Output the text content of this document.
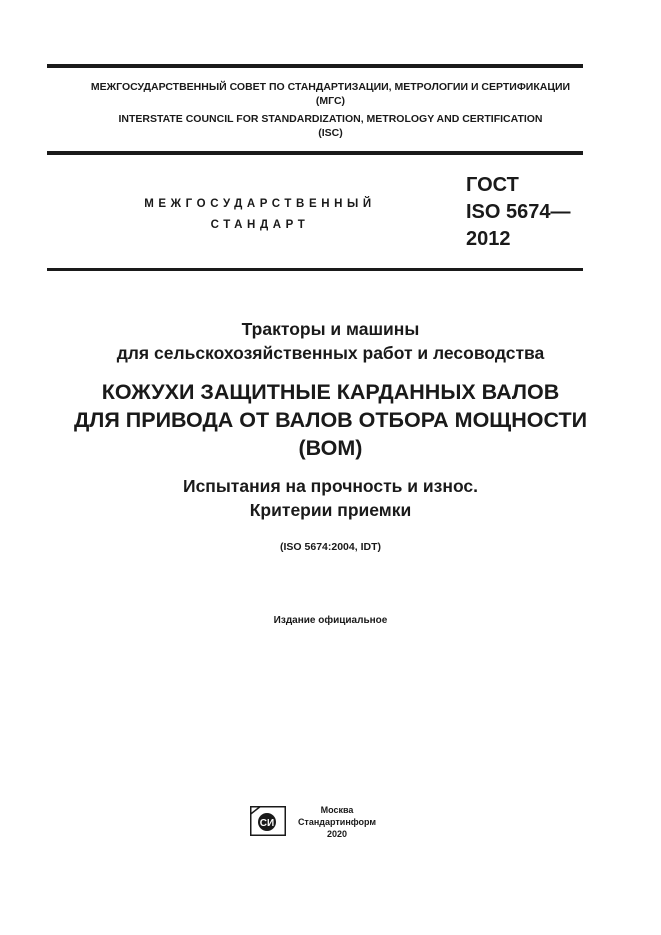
МЕЖГОСУДАРСТВЕННЫЙ СОВЕТ ПО СТАНДАРТИЗАЦИИ, МЕТРОЛОГИИ И СЕРТИФИКАЦИИ
(МГС)
INTERSTATE COUNCIL FOR STANDARDIZATION, METROLOGY AND CERTIFICATION
(ISC)
МЕЖГОСУДАРСТВЕННЫЙ
СТАНДАРТ
ГОСТ
ISO 5674—
2012
Тракторы и машины
для сельскохозяйственных работ и лесоводства
КОЖУХИ ЗАЩИТНЫЕ КАРДАННЫХ ВАЛОВ
ДЛЯ ПРИВОДА ОТ ВАЛОВ ОТБОРА МОЩНОСТИ
(ВОМ)
Испытания на прочность и износ.
Критерии приемки
(ISO 5674:2004, IDT)
Издание официальное
СИ
Москва
Стандартинформ
2020
